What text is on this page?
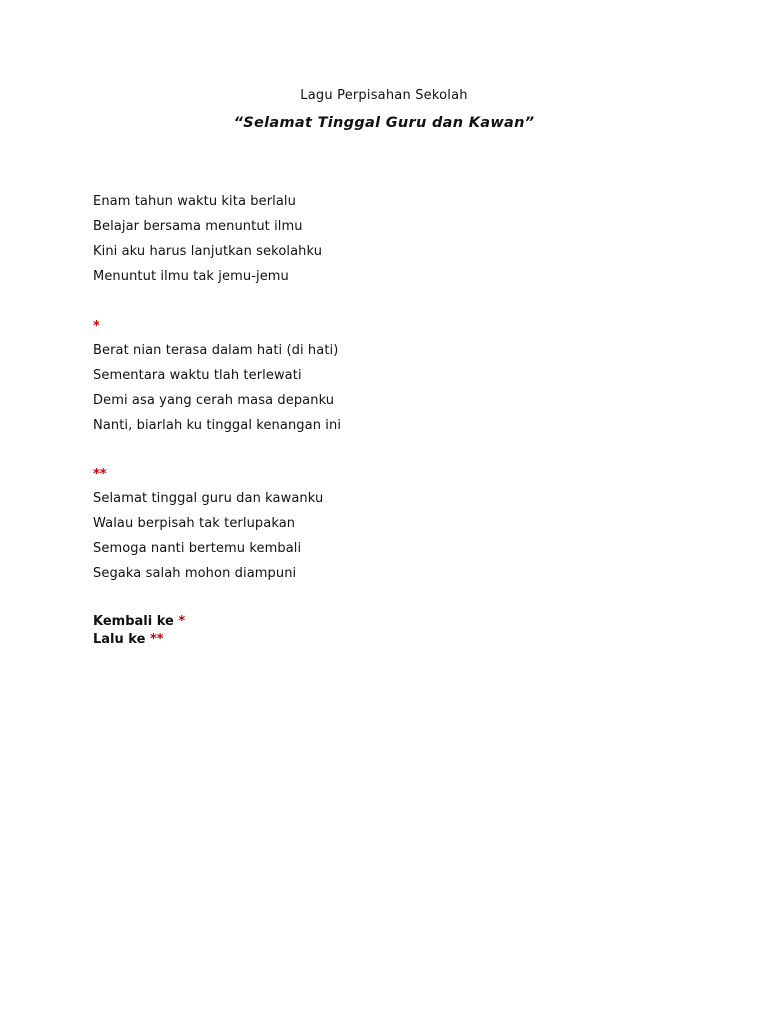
Lagu Perpisahan Sekolah
“Selamat Tinggal Guru dan Kawan”
Enam tahun waktu kita berlalu
Belajar bersama menuntut ilmu
Kini aku harus lanjutkan sekolahku
Menuntut ilmu tak jemu-jemu
*
Berat nian terasa dalam hati (di hati)
Sementara waktu tlah terlewati
Demi asa yang cerah masa depanku
Nanti, biarlah ku tinggal kenangan ini
**
Selamat tinggal guru dan kawanku
Walau berpisah tak terlupakan
Semoga nanti bertemu kembali
Segaka salah mohon diampuni
Kembali ke *
Lalu ke **
